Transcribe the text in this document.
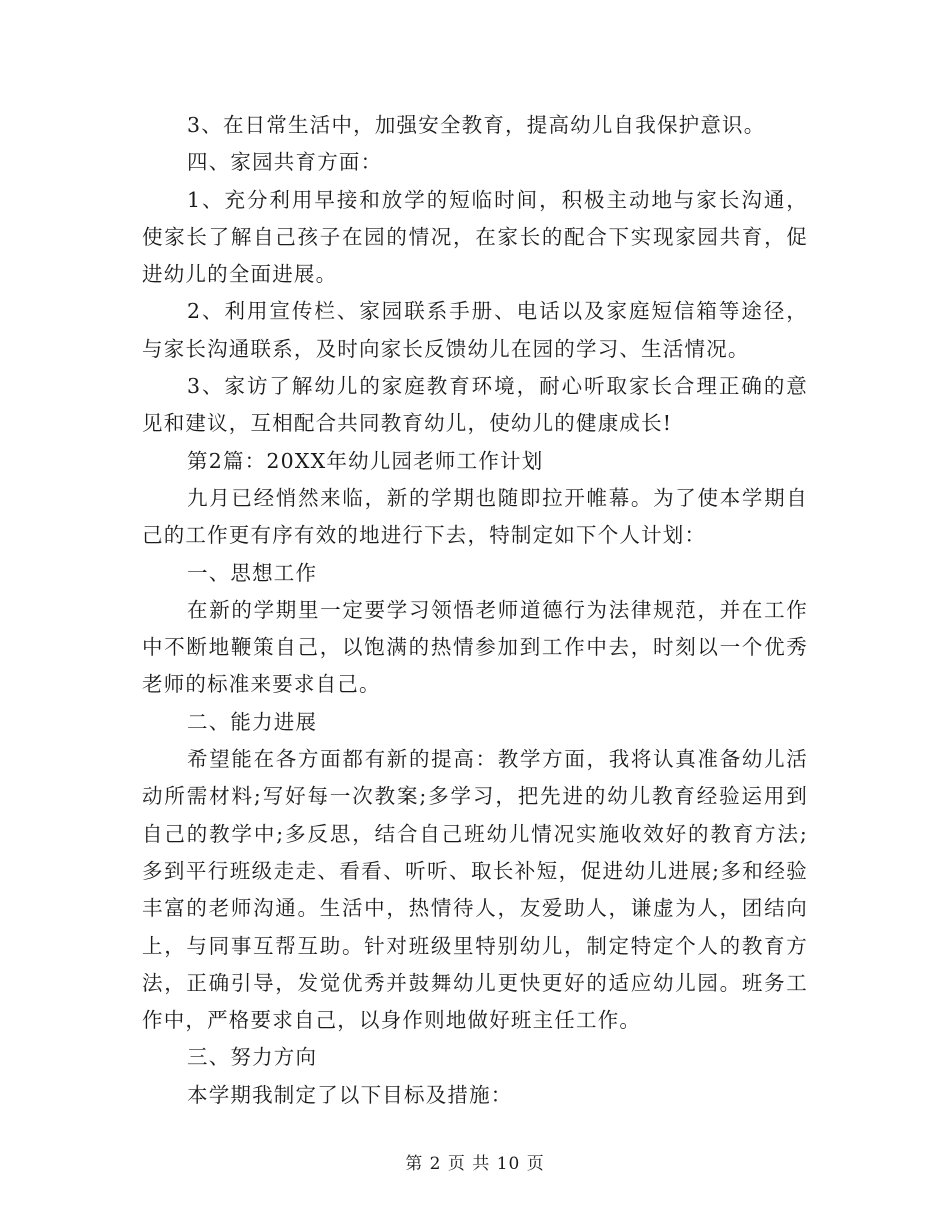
3、在日常生活中，加强安全教育，提高幼儿自我保护意识。

四、家园共育方面：

1、充分利用早接和放学的短临时间，积极主动地与家长沟通，使家长了解自己孩子在园的情况，在家长的配合下实现家园共育，促进幼儿的全面进展。

2、利用宣传栏、家园联系手册、电话以及家庭短信箱等途径，与家长沟通联系，及时向家长反馈幼儿在园的学习、生活情况。

3、家访了解幼儿的家庭教育环境，耐心听取家长合理正确的意见和建议，互相配合共同教育幼儿，使幼儿的健康成长!

第2篇：20XX年幼儿园老师工作计划

九月已经悄然来临，新的学期也随即拉开帷幕。为了使本学期自己的工作更有序有效的地进行下去，特制定如下个人计划：

一、思想工作

在新的学期里一定要学习领悟老师道德行为法律规范，并在工作中不断地鞭策自己，以饱满的热情参加到工作中去，时刻以一个优秀老师的标准来要求自己。

二、能力进展

希望能在各方面都有新的提高：教学方面，我将认真准备幼儿活动所需材料;写好每一次教案;多学习，把先进的幼儿教育经验运用到自己的教学中;多反思，结合自己班幼儿情况实施收效好的教育方法;多到平行班级走走、看看、听听、取长补短，促进幼儿进展;多和经验丰富的老师沟通。生活中，热情待人，友爱助人，谦虚为人，团结向上，与同事互帮互助。针对班级里特别幼儿，制定特定个人的教育方法，正确引导，发觉优秀并鼓舞幼儿更快更好的适应幼儿园。班务工作中，严格要求自己，以身作则地做好班主任工作。

三、努力方向

本学期我制定了以下目标及措施：

第 2 页 共 10 页
